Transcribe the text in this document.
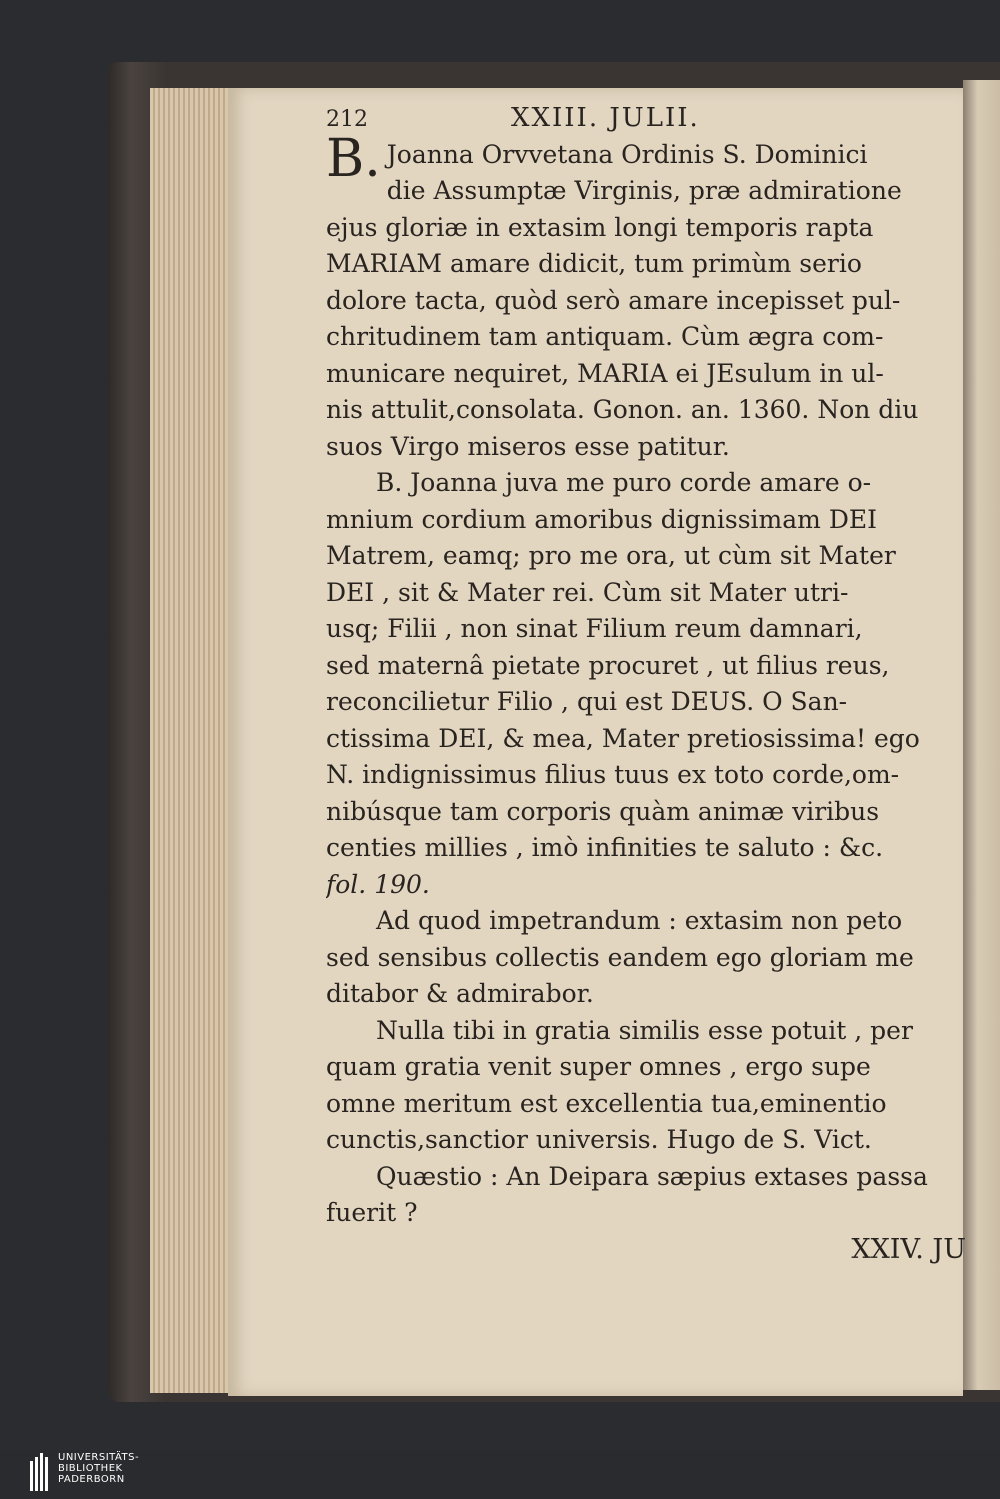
212	XXIII. JULII.
B. Joanna Orvvetana Ordinis S. Dominici
die Assumptæ Virginis, præ admiratione
ejus gloriæ in extasim longi temporis rapta
MARIAM amare didicit, tum primùm serio
dolore tacta, quòd serò amare incepisset pul-
chritudinem tam antiquam. Cùm ægra com-
municare nequiret, MARIA ei JEsulum in ul-
nis attulit,consolata. Gonon. an. 1360. Non diu
suos Virgo miseros esse patitur.
B. Joanna juva me puro corde amare o-
mnium cordium amoribus dignissimam DEI
Matrem, eamq; pro me ora, ut cùm sit Mater
DEI , sit & Mater rei. Cùm sit Mater utri-
usq; Filii , non sinat Filium reum damnari,
sed maternâ pietate procuret , ut filius reus,
reconcilietur Filio , qui est DEUS. O San-
ctissima DEI, & mea, Mater pretiosissima! ego
N. indignissimus filius tuus ex toto corde,om-
nibúsque tam corporis quàm animæ viribus
centies millies , imò infinities te saluto : &c.
fol. 190.
Ad quod impetrandum : extasim non peto
sed sensibus collectis eandem ego gloriam me
ditabor & admirabor.
Nulla tibi in gratia similis esse potuit , per
quam gratia venit super omnes , ergo supe
omne meritum est excellentia tua,eminentio
cunctis,sanctior universis. Hugo de S. Vict.
Quæstio : An Deipara sæpius extases passa
fuerit ?
XXIV. JU
UNIVERSITÄTS-
BIBLIOTHEK
PADERBORN
